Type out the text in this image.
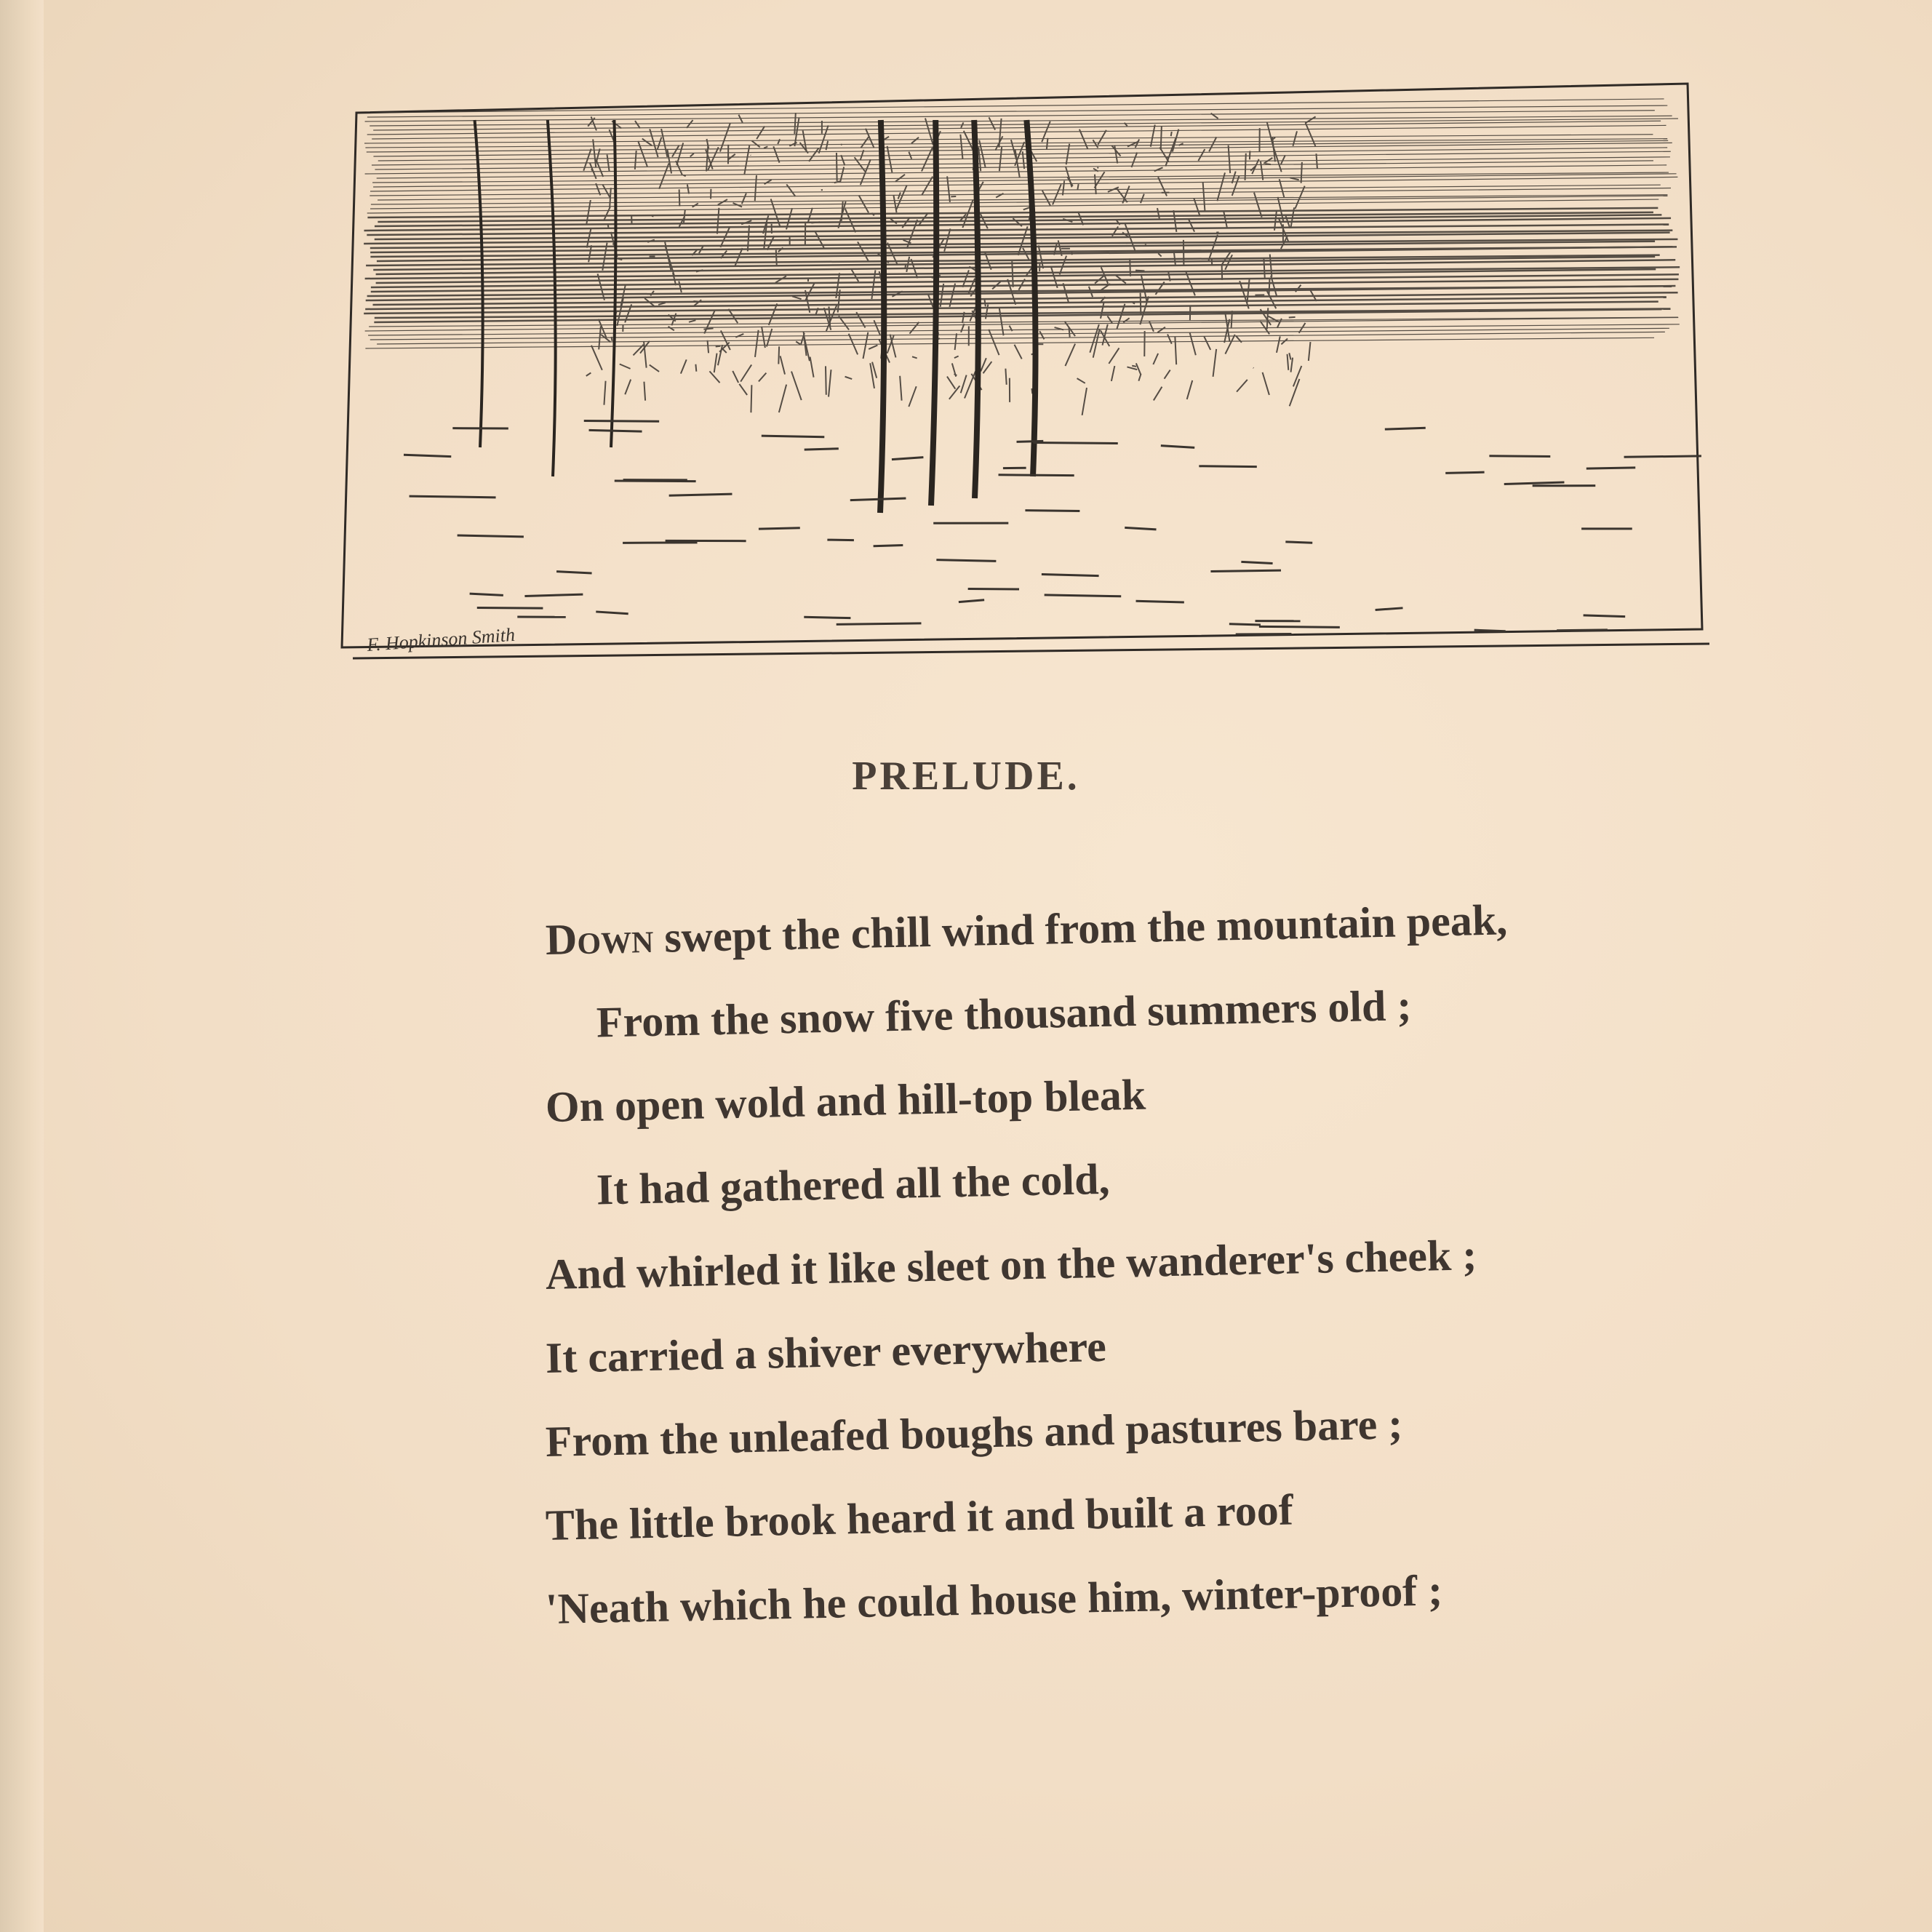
F. Hopkinson Smith
PRELUDE.
Down swept the chill wind from the mountain peak,
From the snow five thousand summers old ;
On open wold and hill-top bleak
It had gathered all the cold,
And whirled it like sleet on the wanderer's cheek ;
It carried a shiver everywhere
From the unleafed boughs and pastures bare ;
The little brook heard it and built a roof
'Neath which he could house him, winter-proof ;
